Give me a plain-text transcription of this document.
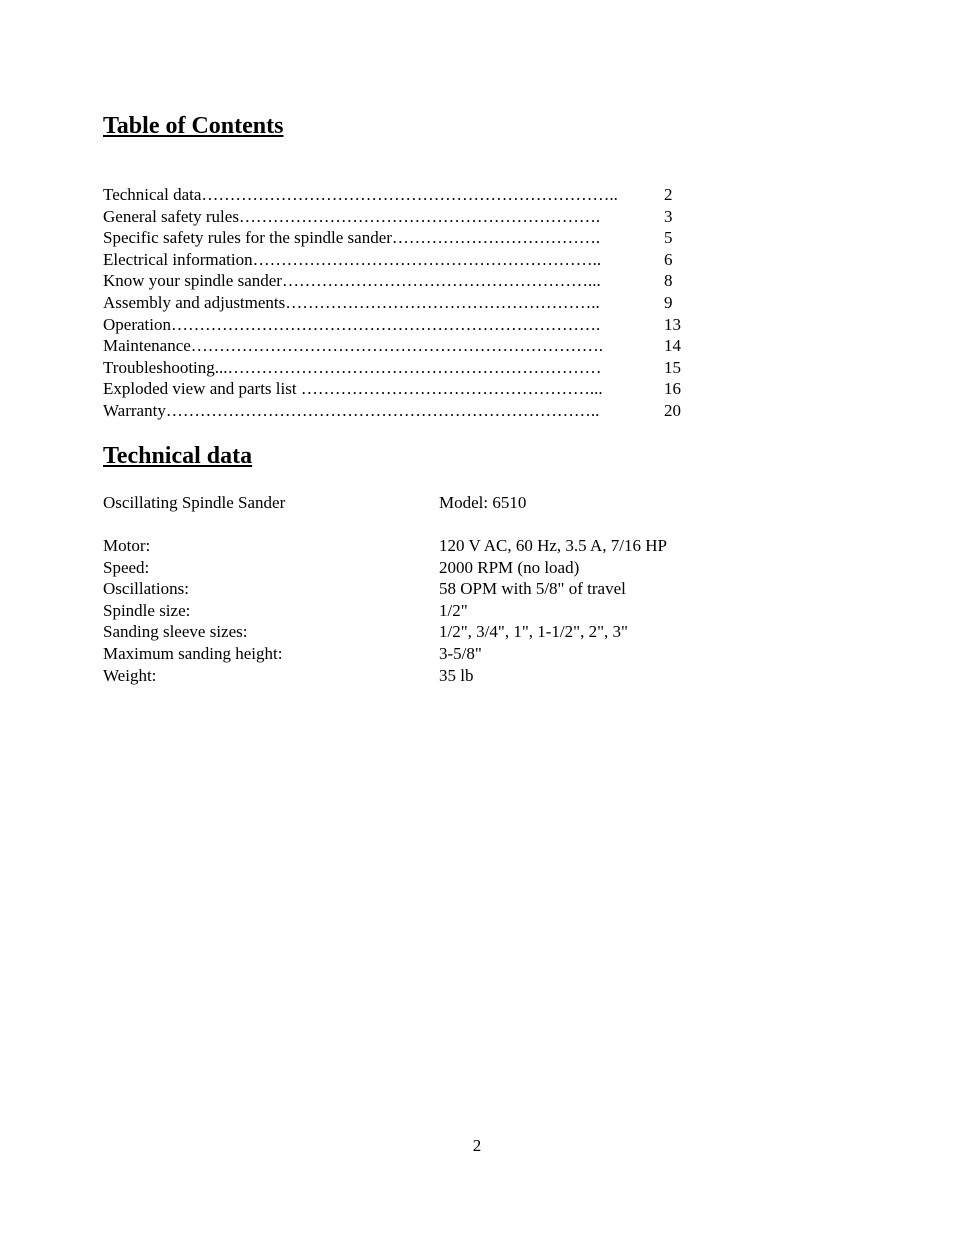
Table of Contents
Technical data………………………………………………………………..	2
General safety rules……………………………………………………….	3
Specific safety rules for the spindle sander……………………………….	5
Electrical information……………………………………………………..	6
Know your spindle sander………………………………………………...	8
Assembly and adjustments………………………………………………..	9
Operation………………………………………………………………….	13
Maintenance……………………………………………………………….	14
Troubleshooting...…………………………………………………………	15
Exploded view and parts list ……………………………………………...	16
Warranty…………………………………………………………………..	20
Technical data
Oscillating Spindle Sander	Model: 6510
Motor:	120 V AC, 60 Hz, 3.5 A, 7/16 HP
Speed:	2000 RPM (no load)
Oscillations:	58 OPM with 5/8" of travel
Spindle size:	1/2"
Sanding sleeve sizes:	1/2", 3/4", 1", 1-1/2", 2", 3"
Maximum sanding height:	3-5/8"
Weight:	35 lb
2
